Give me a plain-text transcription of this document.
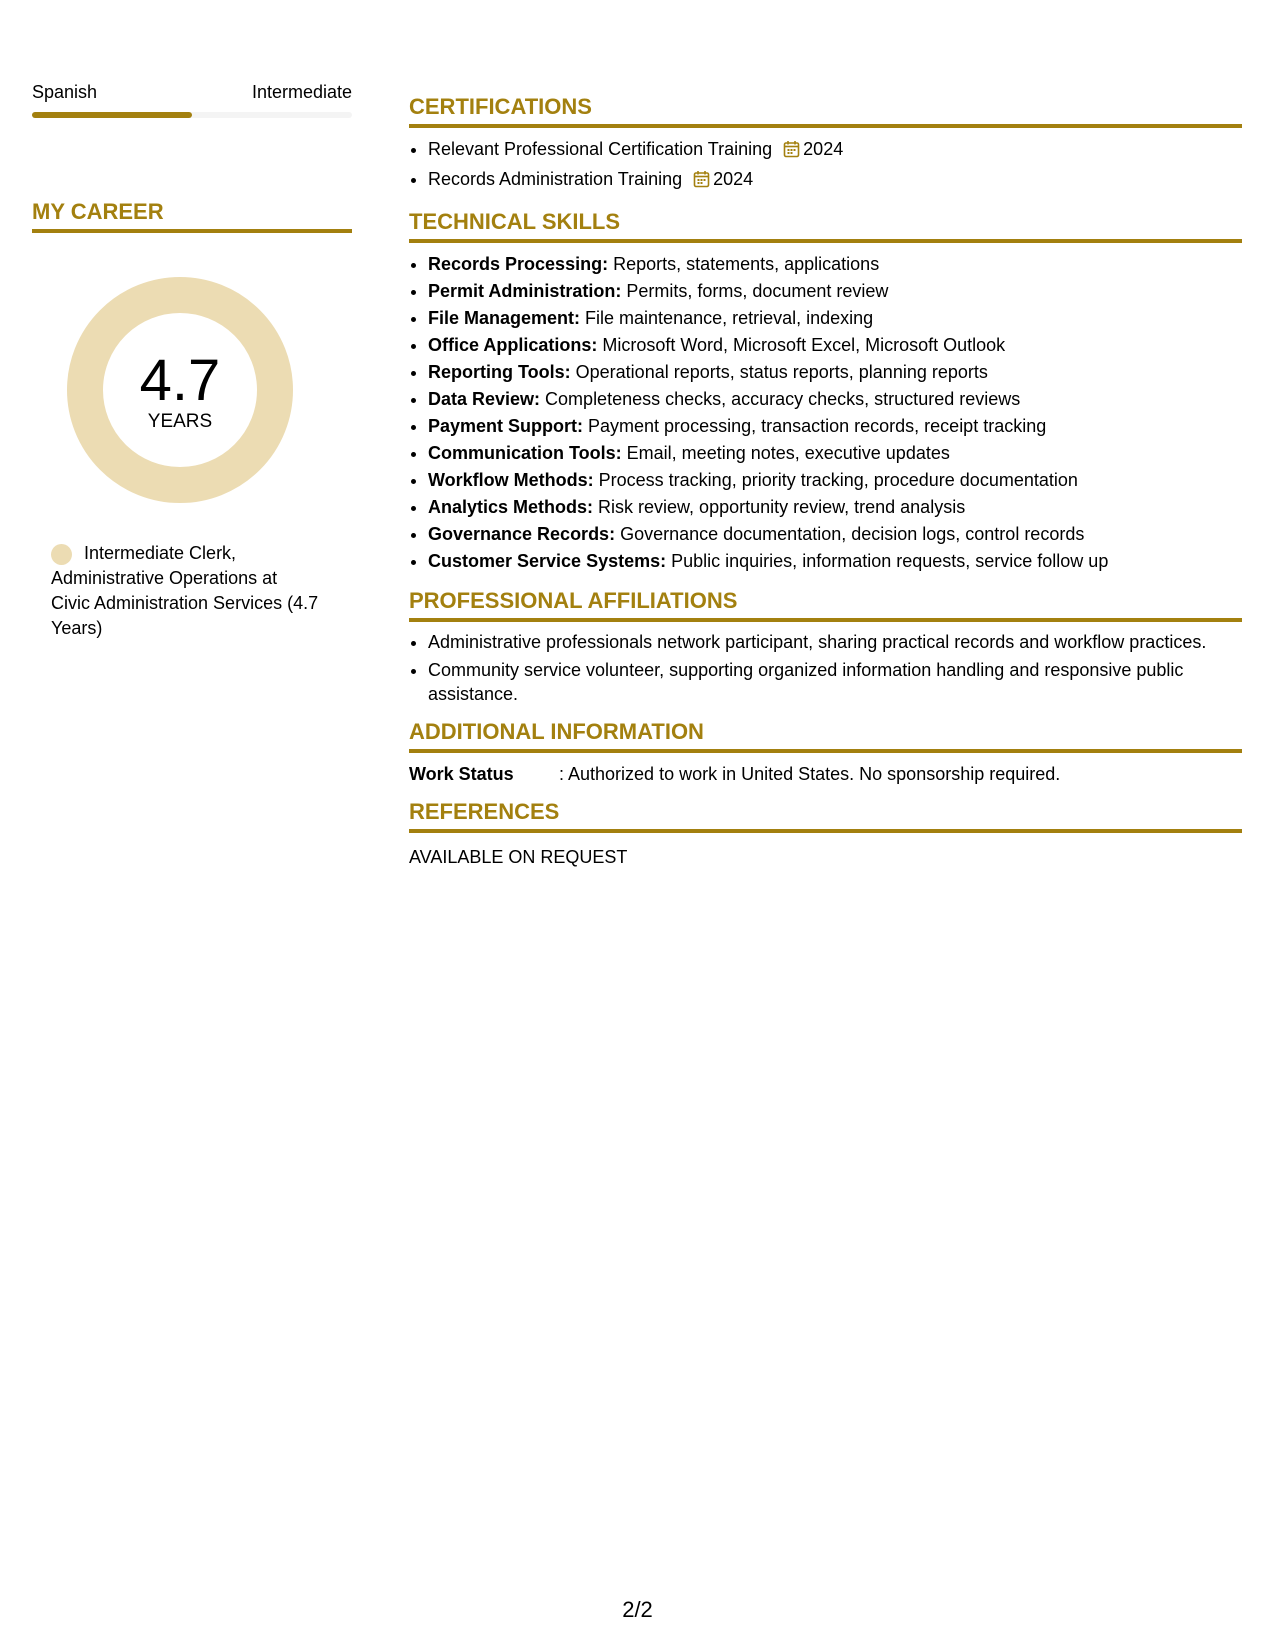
Spanish	Intermediate
MY CAREER
4.7
YEARS
Intermediate Clerk, Administrative Operations at Civic Administration Services (4.7 Years)
CERTIFICATIONS
• Relevant Professional Certification Training 2024
• Records Administration Training 2024
TECHNICAL SKILLS
• Records Processing: Reports, statements, applications
• Permit Administration: Permits, forms, document review
• File Management: File maintenance, retrieval, indexing
• Office Applications: Microsoft Word, Microsoft Excel, Microsoft Outlook
• Reporting Tools: Operational reports, status reports, planning reports
• Data Review: Completeness checks, accuracy checks, structured reviews
• Payment Support: Payment processing, transaction records, receipt tracking
• Communication Tools: Email, meeting notes, executive updates
• Workflow Methods: Process tracking, priority tracking, procedure documentation
• Analytics Methods: Risk review, opportunity review, trend analysis
• Governance Records: Governance documentation, decision logs, control records
• Customer Service Systems: Public inquiries, information requests, service follow up
PROFESSIONAL AFFILIATIONS
• Administrative professionals network participant, sharing practical records and workflow practices.
• Community service volunteer, supporting organized information handling and responsive public assistance.
ADDITIONAL INFORMATION
Work Status	: Authorized to work in United States. No sponsorship required.
REFERENCES
AVAILABLE ON REQUEST
2/2
